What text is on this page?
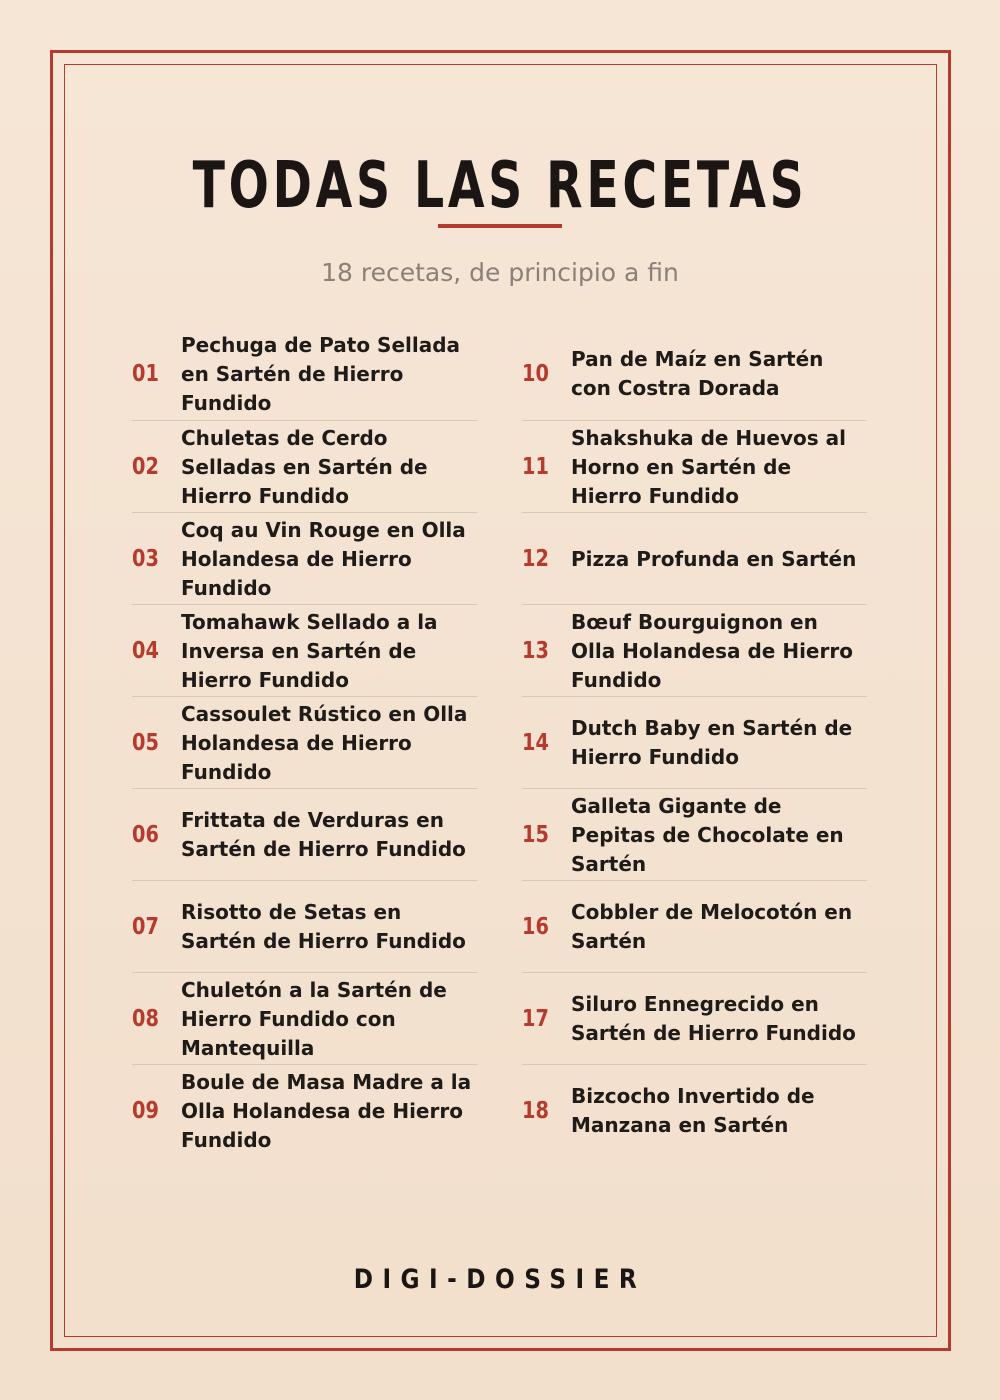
TODAS LAS RECETAS
18 recetas, de principio a fin
01
Pechuga de Pato Sellada en Sartén de Hierro Fundido
02
Chuletas de Cerdo Selladas en Sartén de Hierro Fundido
03
Coq au Vin Rouge en Olla Holandesa de Hierro Fundido
04
Tomahawk Sellado a la Inversa en Sartén de Hierro Fundido
05
Cassoulet Rústico en Olla Holandesa de Hierro Fundido
06
Frittata de Verduras en Sartén de Hierro Fundido
07
Risotto de Setas en Sartén de Hierro Fundido
08
Chuletón a la Sartén de Hierro Fundido con Mantequilla
09
Boule de Masa Madre a la Olla Holandesa de Hierro Fundido
10
Pan de Maíz en Sartén con Costra Dorada
11
Shakshuka de Huevos al Horno en Sartén de Hierro Fundido
12	Pizza Profunda en Sartén
13
Bœuf Bourguignon en Olla Holandesa de Hierro Fundido
14
Dutch Baby en Sartén de Hierro Fundido
15
Galleta Gigante de Pepitas de Chocolate en Sartén
16
Cobbler de Melocotón en Sartén
17
Siluro Ennegrecido en Sartén de Hierro Fundido
18
Bizcocho Invertido de Manzana en Sartén
DIGI-DOSSIER
